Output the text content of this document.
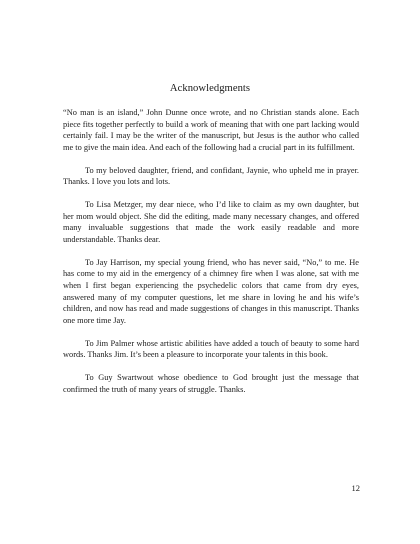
Acknowledgments

“No man is an island,” John Dunne once wrote, and no Christian stands alone. Each piece fits together perfectly to build a work of meaning that with one part lacking would certainly fail. I may be the writer of the manuscript, but Jesus is the author who called me to give the main idea. And each of the following had a crucial part in its fulfillment.

To my beloved daughter, friend, and confidant, Jaynie, who upheld me in prayer. Thanks. I love you lots and lots.

To Lisa Metzger, my dear niece, who I’d like to claim as my own daughter, but her mom would object. She did the editing, made many necessary changes, and offered many invaluable suggestions that made the work easily readable and more understandable. Thanks dear.

To Jay Harrison, my special young friend, who has never said, “No,” to me. He has come to my aid in the emergency of a chimney fire when I was alone, sat with me when I first began experiencing the psychedelic colors that came from dry eyes, answered many of my computer questions, let me share in loving he and his wife’s children, and now has read and made suggestions of changes in this manuscript. Thanks one more time Jay.

To Jim Palmer whose artistic abilities have added a touch of beauty to some hard words. Thanks Jim. It’s been a pleasure to incorporate your talents in this book.

To Guy Swartwout whose obedience to God brought just the message that confirmed the truth of many years of struggle. Thanks.

12
